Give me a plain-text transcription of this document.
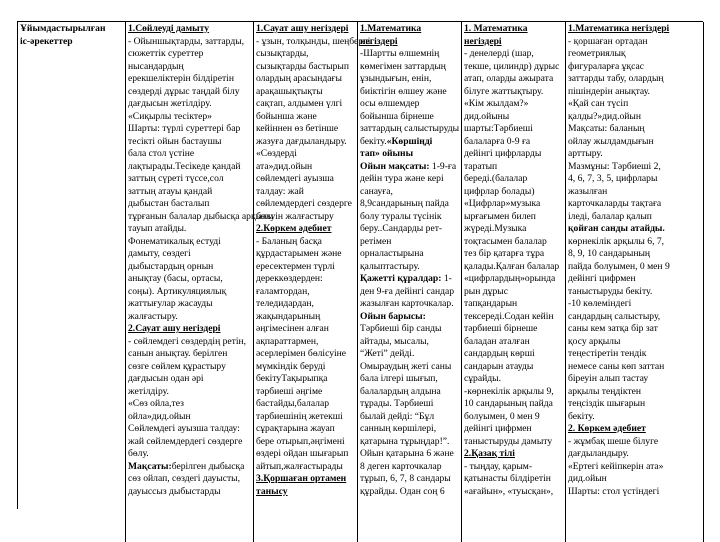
Ұйымдастырылған
іс-әрекеттер
1.Сөйлеуді дамыту
- Ойыншықтарды, заттарды,
сюжеттік суреттер
нысандардың
ерекшеліктерін білдіретін
сөздерді дұрыс таңдай білу
дағдысын жетілдіру.
«Сиқырлы тесіктер»
Шарты: түрлі суреттері бар
тесікті ойын бастаушы
бала стол үстіне
лақтырады.Тесікеде қандай
заттың сүреті түссе,сол
заттың атауы қандай
дыбыстан басталып
тұрғанын балалар дыбысқа арқылы
тауып атайды.
Фонематикалық естуді
дамыту, сөздегі
дыбыстардың орнын
анықтау (басы, ортасы,
соңы). Артикуляциялық
жаттығулар жасауды
жалғастыру.
2.Сауат ашу негіздері
- сөйлемдегі сөздердің ретін,
санын анықтау. берілген
сөзге сөйлем құрастыру
дағдысын одан әрі
жетілдіру.
«Сөз ойла,тез
ойла»дид.ойын
Сөйлемдегі ауызша талдау:
жай сөйлемдердегі сөздерге
бөлу.
Мақсаты:берілген дыбысқа
сөз ойлап, сөздегі дауысты,
дауыссыз дыбыстарды
1.Сауат ашу негіздері
- ұзын, толқынды, шеңберлі
сызықтарды,
сызықтарды бастырып
олардың арасындағы
арақашықтықты
сақтап, алдымен үлгі
бойынша және
кейіннен өз бетінше
жазуға дағдыландыру.
«Сөздерді
ата»дид.ойын
сөйлемдегі ауызша
талдау: жай
сөйлемдердегі сөздерге
бөлуін жалғастыру
2.Көркем әдебиет
- Баланың басқа
құрдастарымен және
ересектермен түрлі
дереккөздерден:
ғаламтордан,
теледидардан,
жақындарының
әңгімесінен алған
ақпараттармен,
әсерлерімен бөлісуіне
мүмкіндік беруді
бекітуТақырыпқа
тәрбиеші әңгіме
бастайды,балалар
тәрбиешінің жетекші
сұрақтарына жауап
бере отырып,әңгімені
өздері ойдан шығарып
айтып,жалғастырады
3.Қоршаған ортамен
танысу
1.Математика
негіздері
-Шартты өлшемнің
көмегімен заттардың
ұзындығын, енін,
биіктігін өлшеу және
осы өлшемдер
бойынша бірнеше
заттардың салыстыруды
бекіту.«Көршіңді
тап» ойыны
Ойын мақсаты: 1-9-ға
дейін тура және кері
санауға,
8,9сандарының пайда
болу туралы түсінік
беру..Сандарды рет-
ретімен
орналастырына
қалыптастыру.
Қажетті құралдар: 1-
ден 9-ға дейінгі сандар
жазылған карточкалар.
Ойын барысы:
Тәрбиеші бір санды
айтады, мысалы,
“Жеті” дейді.
Омыраудың жеті саны
бала ілгері шығып,
балалардың алдына
тұрады. Тәрбиеші
былай дейді: “Бұл
санның көршілері,
қатарына тұрыңдар!”.
Ойын қатарына 6 және
8 деген карточкалар
тұрып, 6, 7, 8 сандары
құрайды. Одан соң 6
1. Математика
негіздері
- денелерді (шар,
текше, цилиндр) дұрыс
атап, оларды ажырата
білуге жаттықтыру.
«Кім жылдам?»
дид.ойыны
шарты:Тәрбиеші
балаларға 0-9 ға
дейінгі цифрларды
таратып
береді.(балалар
цифрлар болады)
«Цифрлар»музыка
ырғағымен билеп
жүреді.Музыка
тоқтасымен балалар
тез бір қатарға тұра
қалады.Қалған балалар
«цифрлардың»орында
рын дұрыс
тапқандарын
тексереді.Содан кейін
тәрбиеші бірнеше
баладан аталған
сандардың көршi
сандарын атауды
сұрайды.
-көрнекілік арқылы 9,
10 сандарының пайда
болуымен, 0 мен 9
дейінгі цифрмен
таныстыруды дамыту
2.Қазақ тілі
- тыңдау, қарым-
қатынасты білдіретін
«ағайын», «туысқан»,
1.Математика негіздері
- қоршаған ортадан
геометриялық
фигураларға ұқсас
заттарды табу, олардың
пішіндерін анықтау.
«Қай сан түсіп
қалды?»дид.ойын
Мақсаты: баланың
ойлау жылдамдығын
арттыру.
Мазмұны: Тәрбиеші 2,
4, 6, 7, 3, 5, цифрлары
жазылған
карточкаларды тақтаға
іледі, балалар қалып
қойған санды атайды.
көрнекілік арқылы 6, 7,
8, 9, 10 сандарының
пайда болуымен, 0 мен 9
дейінгі цифрмен
таныстыруды бекіту.
-10 көлеміндегі
сандардың салыстыру,
саны кем затқа бір зат
қосу арқылы
теңестіретін тендік
немесе саны көп заттан
біреуін алып тастау
арқылы теңдіктен
теңсіздік шығарын
бекіту.
2. Көркем әдебиет
- жұмбақ шеше білуге
дағдыландыру.
«Ертегі кейіпкерін ата»
дид.ойын
Шарты: стол үстіндегі
